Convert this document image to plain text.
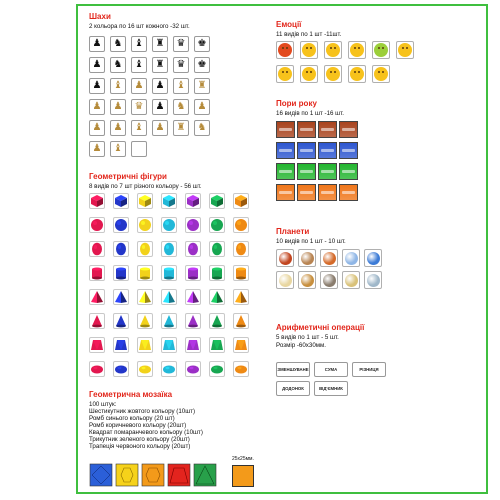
Шахи
2 кольора по 16 шт кожного -32 шт.
♟	♞	♝	♜	♛	♚
♟	♞	♝	♜	♛	♚
♟	♝	♟	♟	♝	♜
♟	♟	♛	♟	♞	♟
♟	♟	♝	♟	♜	♞
♟	♝
Геометричні фігури
8 видів по 7 шт різного кольору - 56 шт.
Геометрична мозаїка
100 штук:
Шестикутник жовтого кольору (10шт)
Ромб синього кольору (20 шт)
Ромб коричневого кольору (20шт)
Квадрат помаранчевого кольору (10шт)
Трикутник зеленого кольору (20шт)
Трапеція червоного кольору (20шт)
25x25мм.
Емоції
11 видів по 1 шт -11шт.
Пори року
16 видів по 1 шт -16 шт.
Планети
10 видів по 1 шт - 10 шт.
Арифметичні операції
5 видів по 1 шт - 5 шт.
Розмір -60x30мм.
ЗМЕНШУВАНЕ	СУМА	РІЗНИЦЯ
ДОДОНОК	ВІД'ЄМНИК
